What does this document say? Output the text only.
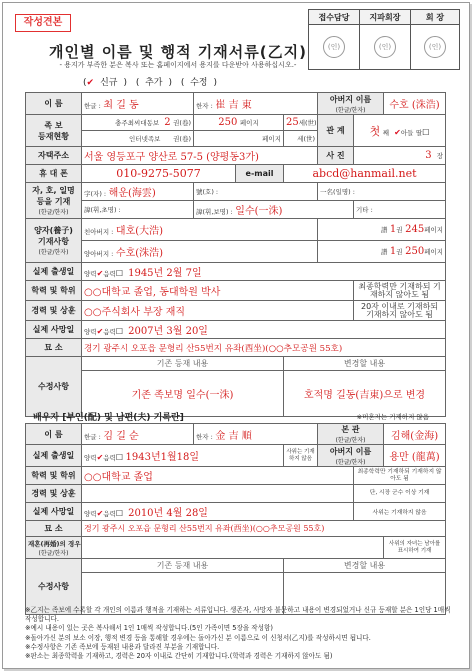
작성견본
개인별 이름 및 행적 기재서류(乙지)
- 용지가 부족한 분은 복사 또는 홈페이지에서 용지를 다운받아 사용하십시오.-
(✔ 신규 ) (  추가 ) (  수정 )
접수담당	지파회장	회 장
(인)	(인)	(인)
이 름	한글 : 최 길 동	한자 : 崔 吉 東			아버지 이름
(한글/한자)		수호 (洙浩)
족 보
등재현황	충주최씨대동보 2 권(卷)	250 페이지		25세(世)	관 계	첫 째 ✔아들 딸☐	
	인터넷족보 권(卷)	페이지		세(世)			
자택주소	서울 영등포구 양산로 57-5 (양평동3가)				사 진	3 장	
휴 대 폰	010-9275-5077		e-mail	abcd@hanmail.net			
자, 호, 일명
등을 기재
(한글/한자)	字(자) : 해운(海雲)	號(호) :			一名(일명) :		
	諱(휘,초명) :	諱(휘,보명) : 일수(一洙)				기타 :	
양자(養子)
기재사항
(한글/한자)	친아버지 : 대호(大浩)				譜 1권 245페이지		
	양아버지 : 수호(洙浩)				譜 1권 250페이지		
실제 출생일	양력✔음력☐  1945년 2월 7일						
학력 및 학위	○○대학교 졸업, 동대학원 박사					최종학력만 기재하되 기재하지 않아도 됨	
경력 및 상훈	○○주식회사 부장 재직					20자 이내로 기재하되 기재하지 않아도 됨	
실제 사망일	양력✔음력☐  2007년 3월 20일						
묘 소	경기 광주시 오포읍 문형리 산55번지 유좌(酉坐)(○○추모공원 55호)						
수정사항	기존 등재 내용			변경할 내용			
	기존 족보명 일수(一洙)			호적명 길동(吉東)으로 변경			
배우자 [부인(配) 및 남편(夫) 기록란]	※미혼자는 기재하지 않음
이 름	한글 : 김 길 순	한자 : 金 吉 順		본 관
(한글/한자)		김해(金海)
실제 출생일	양력✔음력☐ 1943년1월18일		사위는 기재하지 않음	아버지 이름
(한글/한자)		용만 (龍萬)
학력 및 학위	○○대학교 졸업				최종학력만 기재하되 기재하지 않아도 됨	
경력 및 상훈					단, 시장 군수 이상 기재	
실제 사망일	양력✔음력☐  2010년 4월 28일				사위는 기재하지 않음	
묘 소	경기 광주시 오포읍 문형리 산55번지 유좌(酉坐)(○○추모공원 55호)					
재혼(再婚)의 경우
(한글/한자)						사위의 자녀는 남아를 표시하여 기재
수정사항	기존 등재 내용		변경할 내용			

※乙지는 족보에 수록할 각 개인의 이름과 행적을 기재하는 서류입니다. 생존자, 사망자 불문하고 내용이 변경되었거나 신규 등재할 분은 1인당 1매씩 작성합니다.
※예시 내용이 있는 곳은 복사해서 1인 1매씩 작성합니다.(5인 가족이면 5장을 작성함)
※돌아가신 분의 보소 이장, 행적 변경 등을 통해할 경우에는 돌아가신 분 이름으로 이 신청서(乙지)를 작성하시면 됩니다.
※수정사항은 기존 족보에 등재된 내용과 달라진 부분을 기재합니다.
※판소는 최종학력을 기재하고, 경력은 20자 이내로 간단히 기재합니다.(학력과 경력은 기재하지 않아도 됨)
